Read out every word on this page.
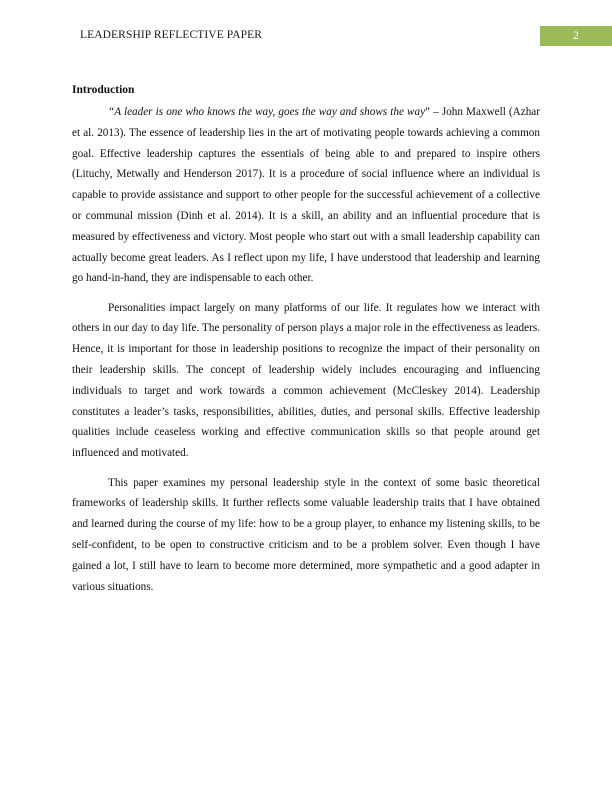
LEADERSHIP REFLECTIVE PAPER	2
Introduction

“A leader is one who knows the way, goes the way and shows the way” – John Maxwell (Azhar et al. 2013). The essence of leadership lies in the art of motivating people towards achieving a common goal. Effective leadership captures the essentials of being able to and prepared to inspire others (Lituchy, Metwally and Henderson 2017). It is a procedure of social influence where an individual is capable to provide assistance and support to other people for the successful achievement of a collective or communal mission (Dinh et al. 2014). It is a skill, an ability and an influential procedure that is measured by effectiveness and victory. Most people who start out with a small leadership capability can actually become great leaders. As I reflect upon my life, I have understood that leadership and learning go hand-in-hand, they are indispensable to each other.

Personalities impact largely on many platforms of our life. It regulates how we interact with others in our day to day life. The personality of person plays a major role in the effectiveness as leaders. Hence, it is important for those in leadership positions to recognize the impact of their personality on their leadership skills. The concept of leadership widely includes encouraging and influencing individuals to target and work towards a common achievement (McCleskey 2014). Leadership constitutes a leader’s tasks, responsibilities, abilities, duties, and personal skills. Effective leadership qualities include ceaseless working and effective communication skills so that people around get influenced and motivated.

This paper examines my personal leadership style in the context of some basic theoretical frameworks of leadership skills. It further reflects some valuable leadership traits that I have obtained and learned during the course of my life: how to be a group player, to enhance my listening skills, to be self-confident, to be open to constructive criticism and to be a problem solver. Even though I have gained a lot, I still have to learn to become more determined, more sympathetic and a good adapter in various situations.
